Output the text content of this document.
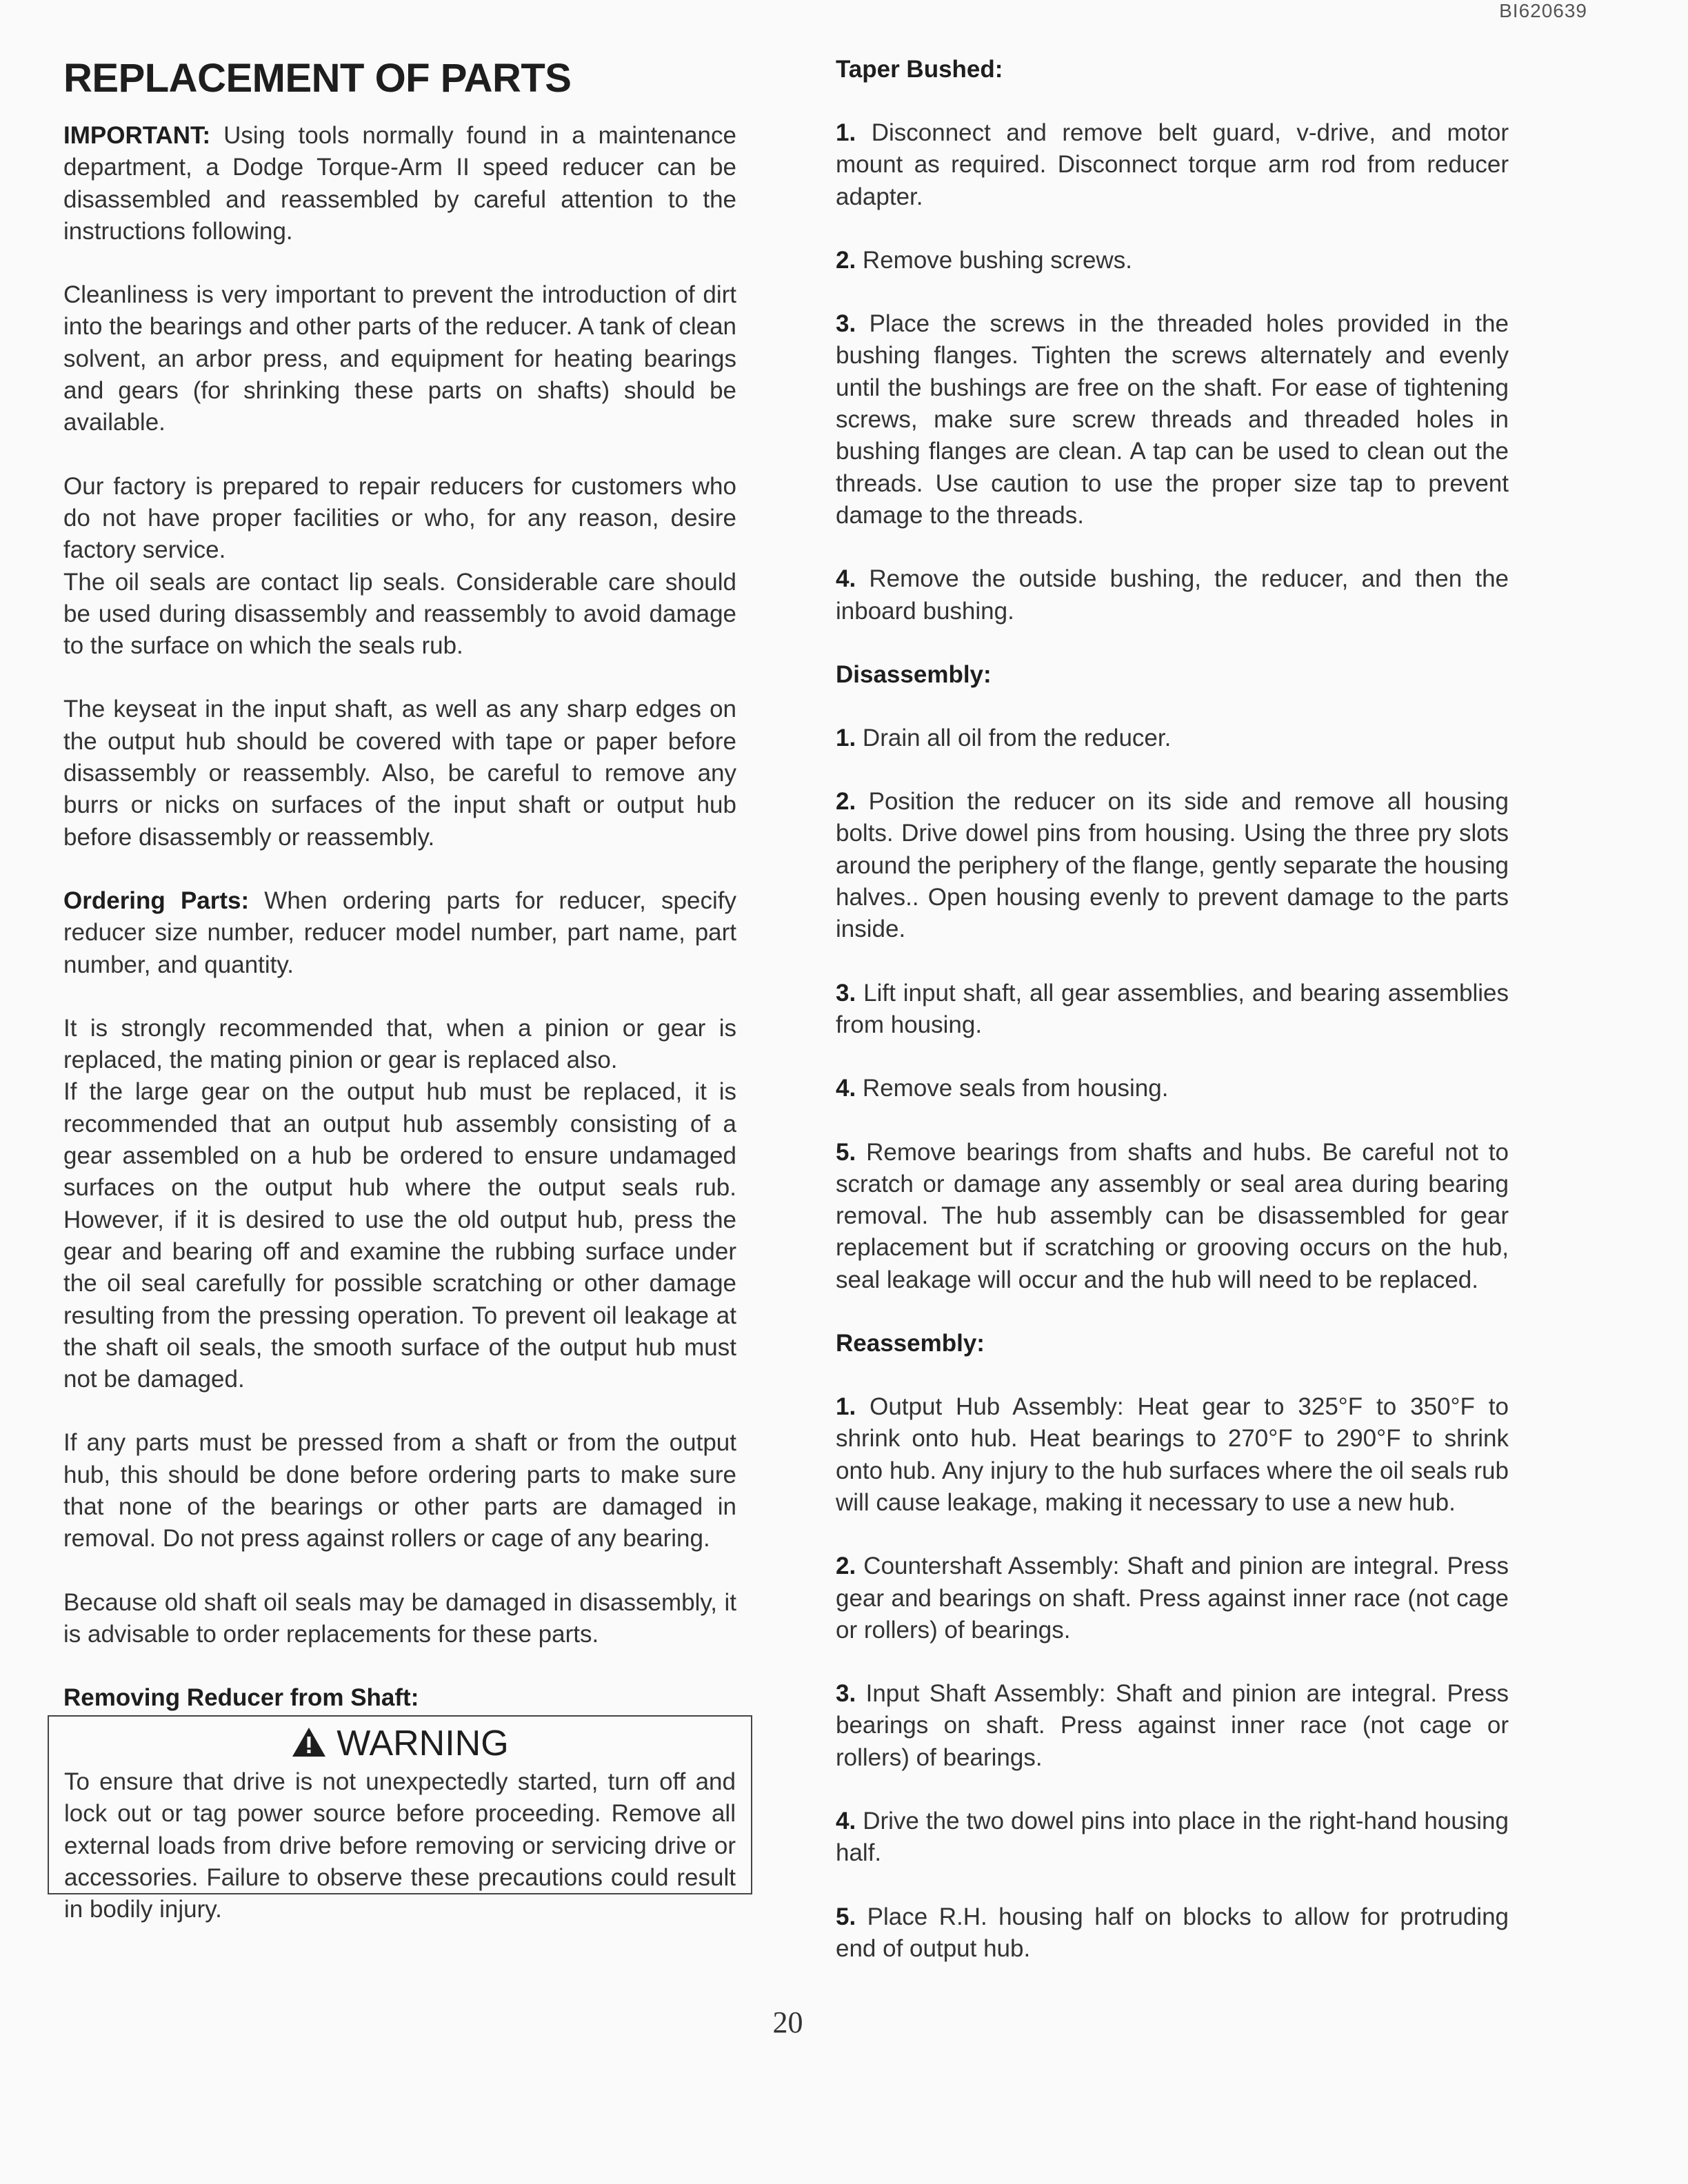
BI620639
REPLACEMENT OF PARTS

IMPORTANT: Using tools normally found in a maintenance department, a Dodge Torque-Arm II speed reducer can be disassembled and reassembled by careful attention to the instructions following.

Cleanliness is very important to prevent the introduction of dirt into the bearings and other parts of the reducer. A tank of clean solvent, an arbor press, and equipment for heating bearings and gears (for shrinking these parts on shafts) should be available.

Our factory is prepared to repair reducers for customers who do not have proper facilities or who, for any reason, desire factory service.

The oil seals are contact lip seals. Considerable care should be used during disassembly and reassembly to avoid damage to the surface on which the seals rub.

The keyseat in the input shaft, as well as any sharp edges on the output hub should be covered with tape or paper before disassembly or reassembly. Also, be careful to remove any burrs or nicks on surfaces of the input shaft or output hub before disassembly or reassembly.

Ordering Parts: When ordering parts for reducer, specify reducer size number, reducer model number, part name, part number, and quantity.

It is strongly recommended that, when a pinion or gear is replaced, the mating pinion or gear is replaced also.

If the large gear on the output hub must be replaced, it is recommended that an output hub assembly consisting of a gear assembled on a hub be ordered to ensure undamaged surfaces on the output hub where the output seals rub. However, if it is desired to use the old output hub, press the gear and bearing off and examine the rubbing surface under the oil seal carefully for possible scratching or other damage resulting from the pressing operation. To prevent oil leakage at the shaft oil seals, the smooth surface of the output hub must not be damaged.

If any parts must be pressed from a shaft or from the output hub, this should be done before ordering parts to make sure that none of the bearings or other parts are damaged in removal. Do not press against rollers or cage of any bearing.

Because old shaft oil seals may be damaged in disassembly, it is advisable to order replacements for these parts.

Removing Reducer from Shaft:
WARNING

To ensure that drive is not unexpectedly started, turn off and lock out or tag power source before proceeding. Remove all external loads from drive before removing or servicing drive or accessories. Failure to observe these precautions could result in bodily injury.

Taper Bushed:

1. Disconnect and remove belt guard, v-drive, and motor mount as required. Disconnect torque arm rod from reducer adapter.

2. Remove bushing screws.

3. Place the screws in the threaded holes provided in the bushing flanges. Tighten the screws alternately and evenly until the bushings are free on the shaft. For ease of tightening screws, make sure screw threads and threaded holes in bushing flanges are clean. A tap can be used to clean out the threads. Use caution to use the proper size tap to prevent damage to the threads.

4. Remove the outside bushing, the reducer, and then the inboard bushing.

Disassembly:

1. Drain all oil from the reducer.

2. Position the reducer on its side and remove all housing bolts. Drive dowel pins from housing. Using the three pry slots around the periphery of the flange, gently separate the housing halves.. Open housing evenly to prevent damage to the parts inside.

3. Lift input shaft, all gear assemblies, and bearing assemblies from housing.

4. Remove seals from housing.

5. Remove bearings from shafts and hubs. Be careful not to scratch or damage any assembly or seal area during bearing removal. The hub assembly can be disassembled for gear replacement but if scratching or grooving occurs on the hub, seal leakage will occur and the hub will need to be replaced.

Reassembly:

1. Output Hub Assembly: Heat gear to 325°F to 350°F to shrink onto hub. Heat bearings to 270°F to 290°F to shrink onto hub. Any injury to the hub surfaces where the oil seals rub will cause leakage, making it necessary to use a new hub.

2. Countershaft Assembly: Shaft and pinion are integral. Press gear and bearings on shaft. Press against inner race (not cage or rollers) of bearings.

3. Input Shaft Assembly: Shaft and pinion are integral. Press bearings on shaft. Press against inner race (not cage or rollers) of bearings.

4. Drive the two dowel pins into place in the right-hand housing half.

5. Place R.H. housing half on blocks to allow for protruding end of output hub.

20
